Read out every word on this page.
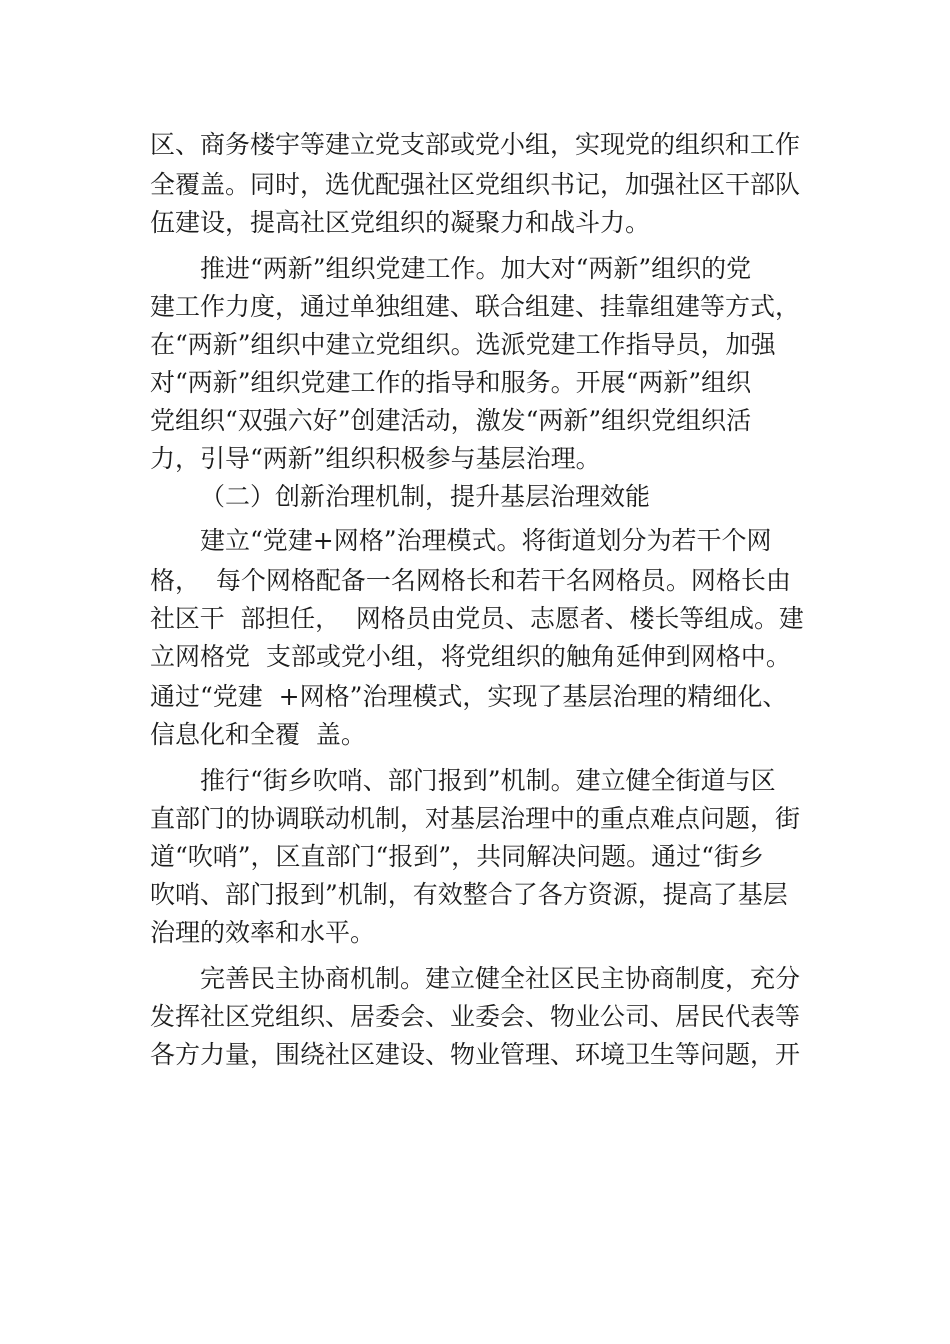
区、商务楼宇等建立党支部或党小组，实现党的组织和工作
全覆盖。同时，选优配强社区党组织书记，加强社区干部队
伍建设，提高社区党组织的凝聚力和战斗力。
推进“两新”组织党建工作。加大对“两新”组织的党
建工作力度，通过单独组建、联合组建、挂靠组建等方式，
在“两新”组织中建立党组织。选派党建工作指导员，加强
对“两新”组织党建工作的指导和服务。开展“两新”组织
党组织“双强六好”创建活动，激发“两新”组织党组织活
力，引导“两新”组织积极参与基层治理。
（二）创新治理机制，提升基层治理效能
建立“党建+网格”治理模式。将街道划分为若干个网
格，  每个网格配备一名网格长和若干名网格员。网格长由
社区干  部担任，  网格员由党员、志愿者、楼长等组成。建
立网格党  支部或党小组，将党组织的触角延伸到网格中。
通过“党建  +网格”治理模式，实现了基层治理的精细化、
信息化和全覆  盖。
推行“街乡吹哨、部门报到”机制。建立健全街道与区
直部门的协调联动机制，对基层治理中的重点难点问题，街
道“吹哨”，区直部门“报到”，共同解决问题。通过“街乡
吹哨、部门报到”机制，有效整合了各方资源，提高了基层
治理的效率和水平。
完善民主协商机制。建立健全社区民主协商制度，充分
发挥社区党组织、居委会、业委会、物业公司、居民代表等
各方力量，围绕社区建设、物业管理、环境卫生等问题，开
